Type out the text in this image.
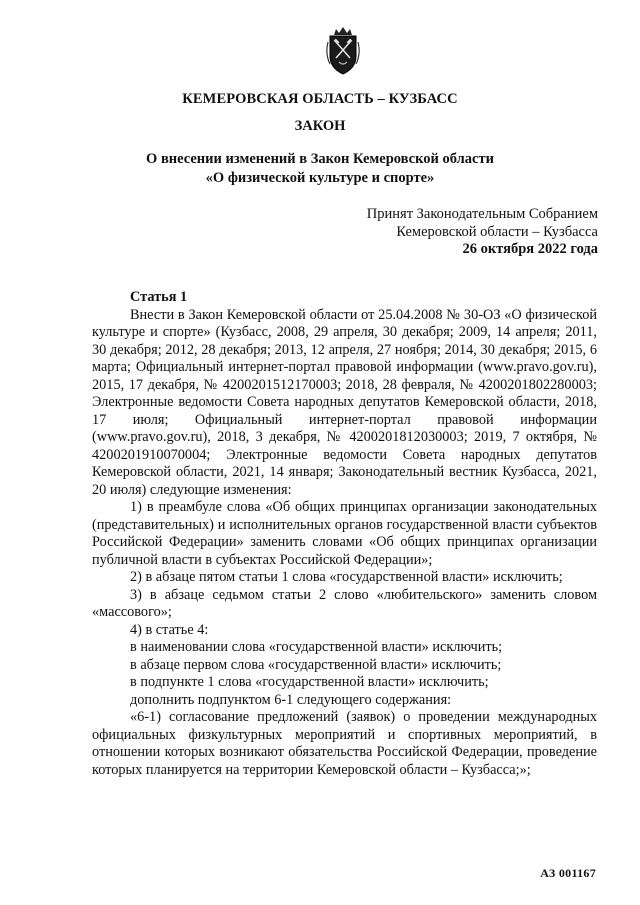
КЕМЕРОВСКАЯ ОБЛАСТЬ – КУЗБАСС
ЗАКОН
О внесении изменений в Закон Кемеровской области
«О физической культуре и спорте»
Принят Законодательным Собранием
Кемеровской области – Кузбасса
26 октября 2022 года

Статья 1

Внести в Закон Кемеровской области от 25.04.2008 № 30-ОЗ «О физической культуре и спорте» (Кузбасс, 2008, 29 апреля, 30 декабря; 2009, 14 апреля; 2011, 30 декабря; 2012, 28 декабря; 2013, 12 апреля, 27 ноября; 2014, 30 декабря; 2015, 6 марта; Официальный интернет-портал правовой информации (www.pravo.gov.ru), 2015, 17 декабря, № 4200201512170003; 2018, 28 февраля, № 4200201802280003; Электронные ведомости Совета народных депутатов Кемеровской области, 2018, 17 июля; Официальный интернет-портал правовой информации (www.pravo.gov.ru), 2018, 3 декабря, № 4200201812030003; 2019, 7 октября, № 4200201910070004; Электронные ведомости Совета народных депутатов Кемеровской области, 2021, 14 января; Законодательный вестник Кузбасса, 2021, 20 июля) следующие изменения:

1) в преамбуле слова «Об общих принципах организации законодательных (представительных) и исполнительных органов государственной власти субъектов Российской Федерации» заменить словами «Об общих принципах организации публичной власти в субъектах Российской Федерации»;

2) в абзаце пятом статьи 1 слова «государственной власти» исключить;

3) в абзаце седьмом статьи 2 слово «любительского» заменить словом «массового»;

4) в статье 4:

в наименовании слова «государственной власти» исключить;

в абзаце первом слова «государственной власти» исключить;

в подпункте 1 слова «государственной власти» исключить;

дополнить подпунктом 6-1 следующего содержания:

«6-1) согласование предложений (заявок) о проведении международных официальных физкультурных мероприятий и спортивных мероприятий, в отношении которых возникают обязательства Российской Федерации, проведение которых планируется на территории Кемеровской области – Кузбасса;»;

АЗ 001167
